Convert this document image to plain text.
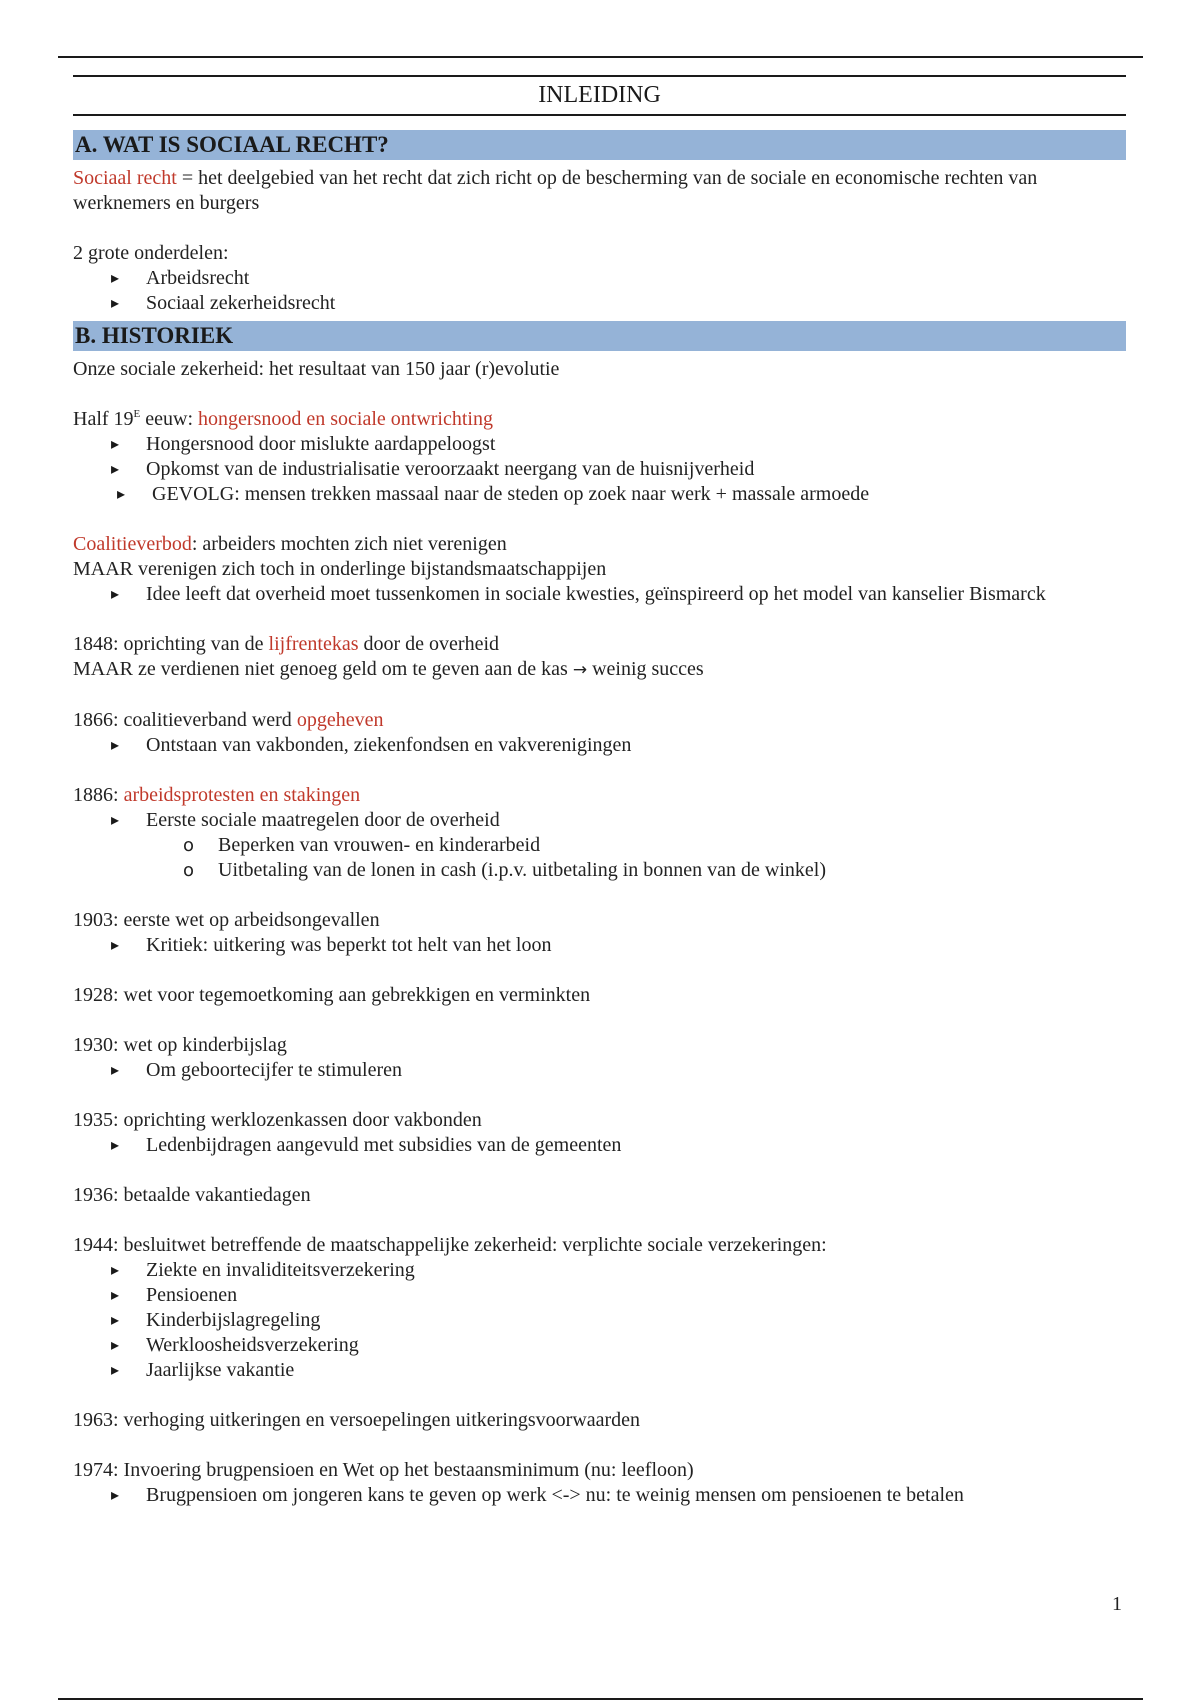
INLEIDING
A. WAT IS SOCIAAL RECHT?

Sociaal recht = het deelgebied van het recht dat zich richt op de bescherming van de sociale en economische rechten van werknemers en burgers

2 grote onderdelen:

▸ Arbeidsrecht
▸ Sociaal zekerheidsrecht
B. HISTORIEK

Onze sociale zekerheid: het resultaat van 150 jaar (r)evolutie

Half $19^E$ eeuw: hongersnood en sociale ontwrichting

▸ Hongersnood door mislukte aardappeloogst
▸ Opkomst van de industrialisatie veroorzaakt neergang van de huisnijverheid
▸ GEVOLG: mensen trekken massaal naar de steden op zoek naar werk + massale armoede

Coalitieverbod: arbeiders mochten zich niet verenigen

MAAR verenigen zich toch in onderlinge bijstandsmaatschappijen

▸ Idee leeft dat overheid moet tussenkomen in sociale kwesties, geïnspireerd op het model van kanselier Bismarck

1848: oprichting van de lijfrentekas door de overheid

MAAR ze verdienen niet genoeg geld om te geven aan de kas → weinig succes

1866: coalitieverband werd opgeheven

▸ Ontstaan van vakbonden, ziekenfondsen en vakverenigingen

1886: arbeidsprotesten en stakingen

▸ Eerste sociale maatregelen door de overheid
o Beperken van vrouwen- en kinderarbeid
o Uitbetaling van de lonen in cash (i.p.v. uitbetaling in bonnen van de winkel)

1903: eerste wet op arbeidsongevallen

▸ Kritiek: uitkering was beperkt tot helt van het loon

1928: wet voor tegemoetkoming aan gebrekkigen en verminkten

1930: wet op kinderbijslag

▸ Om geboortecijfer te stimuleren

1935: oprichting werklozenkassen door vakbonden

▸ Ledenbijdragen aangevuld met subsidies van de gemeenten

1936: betaalde vakantiedagen

1944: besluitwet betreffende de maatschappelijke zekerheid: verplichte sociale verzekeringen:

▸ Ziekte en invaliditeitsverzekering
▸ Pensioenen
▸ Kinderbijslagregeling
▸ Werkloosheidsverzekering
▸ Jaarlijkse vakantie

1963: verhoging uitkeringen en versoepelingen uitkeringsvoorwaarden

1974: Invoering brugpensioen en Wet op het bestaansminimum (nu: leefloon)

▸ Brugpensioen om jongeren kans te geven op werk <-> nu: te weinig mensen om pensioenen te betalen
1
